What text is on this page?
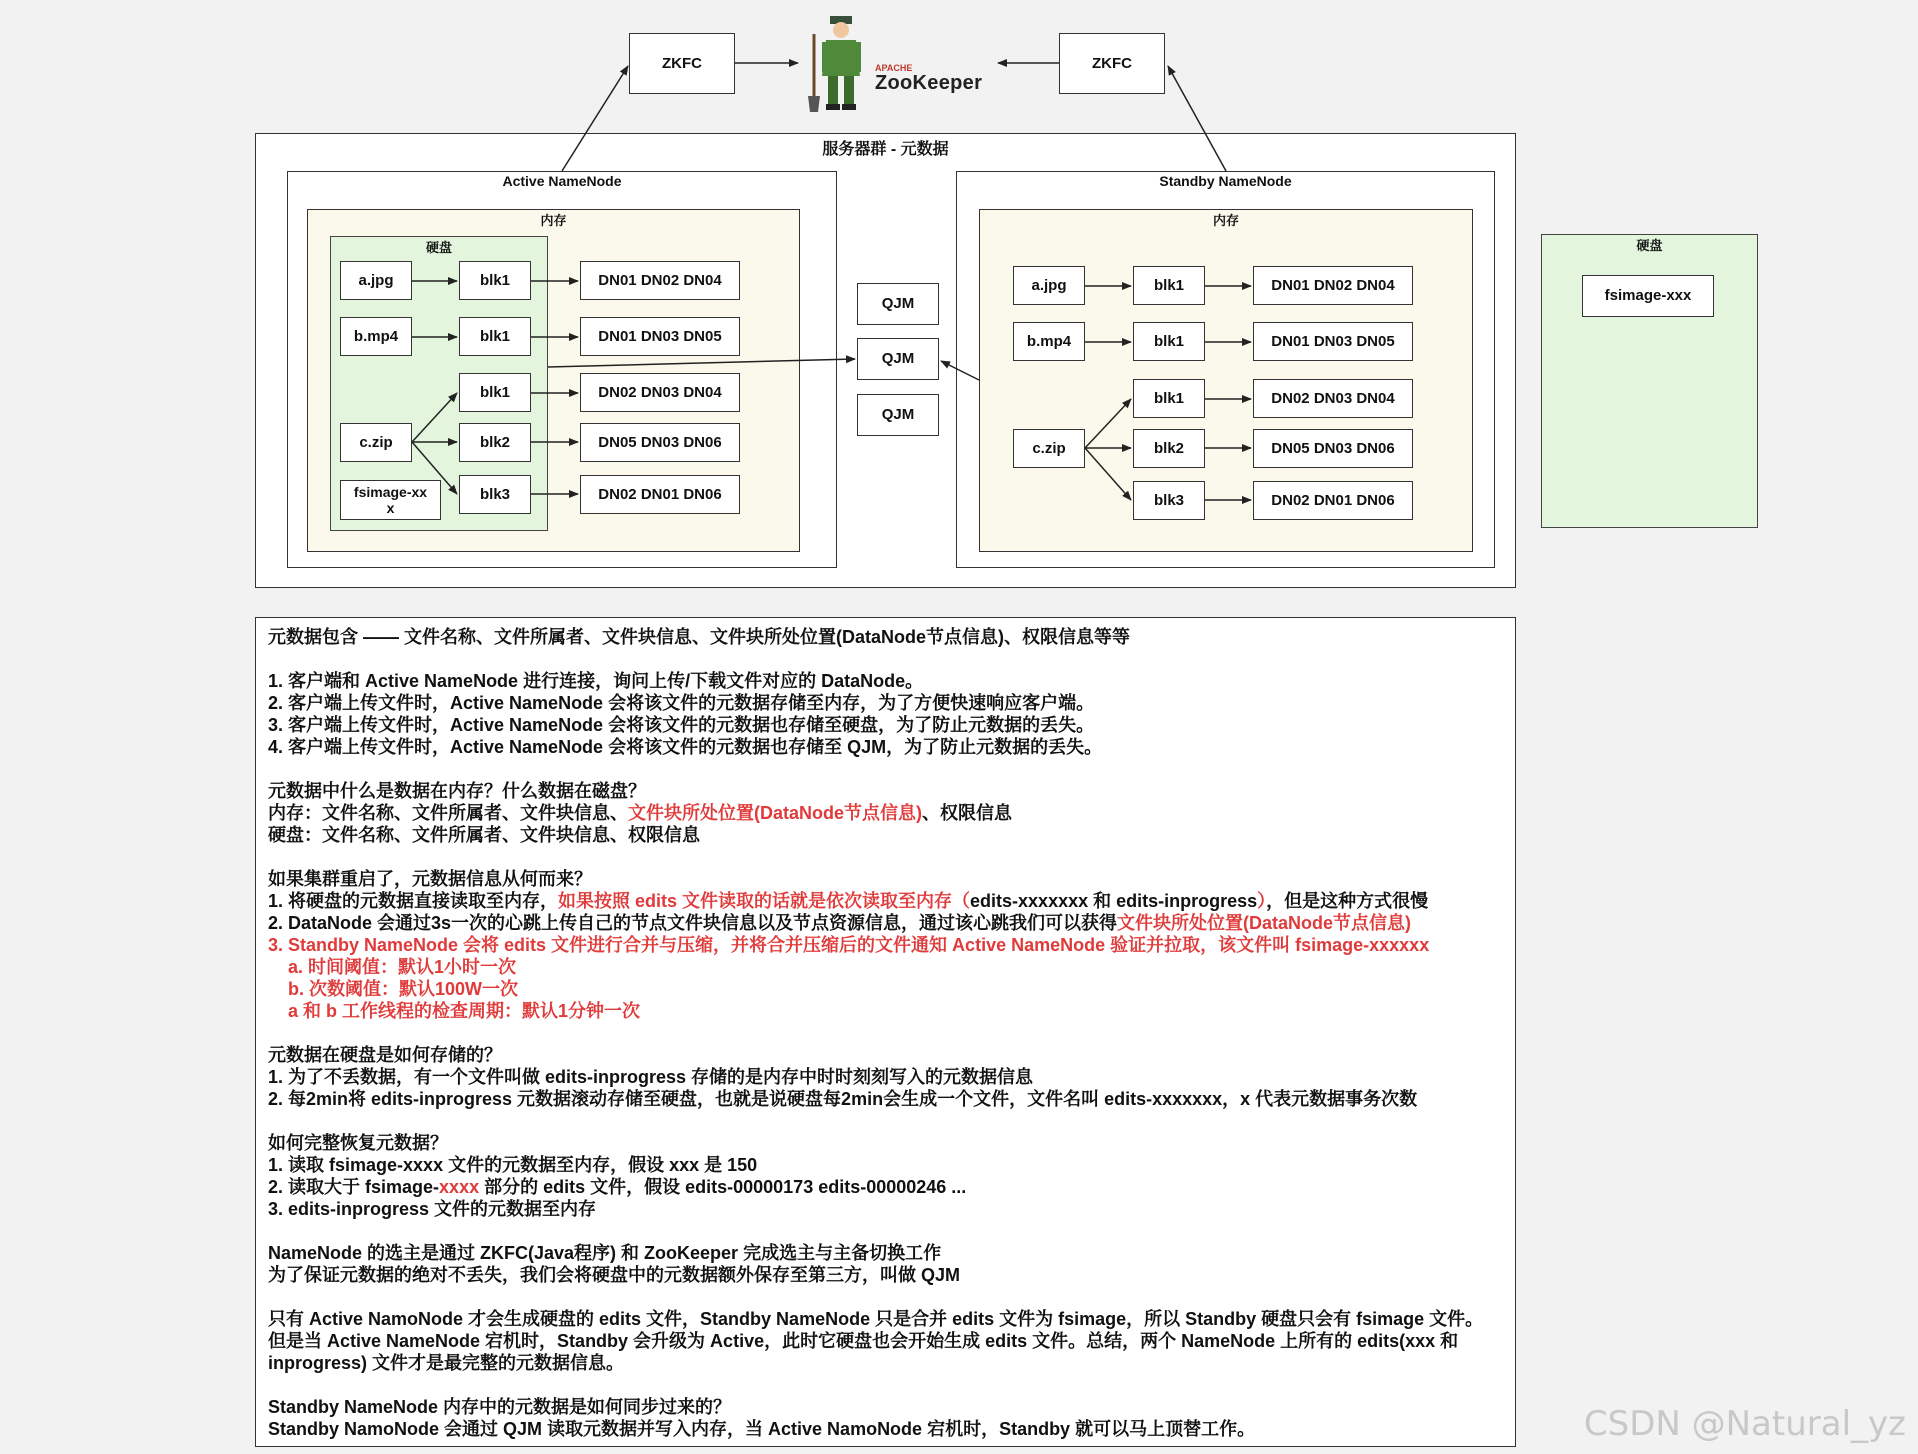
ZKFC	ZKFC
APACHE
ZooKeeper
服务器群 - 元数据
Active NameNode
内存
硬盘
a.jpg
b.mp4
c.zip
fsimage-xxx
blk1
blk1
blk1
blk2
blk3
DN01 DN02 DN04
DN01 DN03 DN05
DN02 DN03 DN04
DN05 DN03 DN06
DN02 DN01 DN06
QJM
QJM
QJM
Standby NameNode
内存
a.jpg
b.mp4
c.zip
blk1
blk1
blk1
blk2
blk3
DN01 DN02 DN04
DN01 DN03 DN05
DN02 DN03 DN04
DN05 DN03 DN06
DN02 DN01 DN06
硬盘
fsimage-xxx
元数据包含 —— 文件名称、文件所属者、文件块信息、文件块所处位置(DataNode节点信息)、权限信息等等
1. 客户端和 Active NameNode 进行连接，询问上传/下载文件对应的 DataNode。
2. 客户端上传文件时，Active NameNode 会将该文件的元数据存储至内存，为了方便快速响应客户端。
3. 客户端上传文件时，Active NameNode 会将该文件的元数据也存储至硬盘，为了防止元数据的丢失。
4. 客户端上传文件时，Active NameNode 会将该文件的元数据也存储至 QJM，为了防止元数据的丢失。
元数据中什么是数据在内存？什么数据在磁盘？
内存：文件名称、文件所属者、文件块信息、文件块所处位置(DataNode节点信息)、权限信息
硬盘：文件名称、文件所属者、文件块信息、权限信息
如果集群重启了，元数据信息从何而来？
1. 将硬盘的元数据直接读取至内存，如果按照 edits 文件读取的话就是依次读取至内存（edits-xxxxxxx 和 edits-inprogress），但是这种方式很慢
2. DataNode 会通过3s一次的心跳上传自己的节点文件块信息以及节点资源信息，通过该心跳我们可以获得文件块所处位置(DataNode节点信息)
3. Standby NameNode 会将 edits 文件进行合并与压缩，并将合并压缩后的文件通知 Active NameNode 验证并拉取，该文件叫 fsimage-xxxxxx
a. 时间阈值：默认1小时一次
b. 次数阈值：默认100W一次
a 和 b 工作线程的检查周期：默认1分钟一次
元数据在硬盘是如何存储的？
1. 为了不丢数据，有一个文件叫做 edits-inprogress 存储的是内存中时时刻刻写入的元数据信息
2. 每2min将 edits-inprogress 元数据滚动存储至硬盘，也就是说硬盘每2min会生成一个文件，文件名叫 edits-xxxxxxx，x 代表元数据事务次数
如何完整恢复元数据？
1. 读取 fsimage-xxxx 文件的元数据至内存，假设 xxx 是 150
2. 读取大于 fsimage-xxxx 部分的 edits 文件，假设 edits-00000173 edits-00000246 ...
3. edits-inprogress 文件的元数据至内存
NameNode 的选主是通过 ZKFC(Java程序) 和 ZooKeeper 完成选主与主备切换工作
为了保证元数据的绝对不丢失，我们会将硬盘中的元数据额外保存至第三方，叫做 QJM
只有 Active NamoNode 才会生成硬盘的 edits 文件，Standby NameNode 只是合并 edits 文件为 fsimage，所以 Standby 硬盘只会有 fsimage 文件。
但是当 Active NameNode 宕机时，Standby 会升级为 Active，此时它硬盘也会开始生成 edits 文件。总结，两个 NameNode 上所有的 edits(xxx 和
inprogress) 文件才是最完整的元数据信息。
Standby NameNode 内存中的元数据是如何同步过来的？
Standby NamoNode 会通过 QJM 读取元数据并写入内存，当 Active NamoNode 宕机时，Standby 就可以马上顶替工作。	CSDN @Natural_yz
